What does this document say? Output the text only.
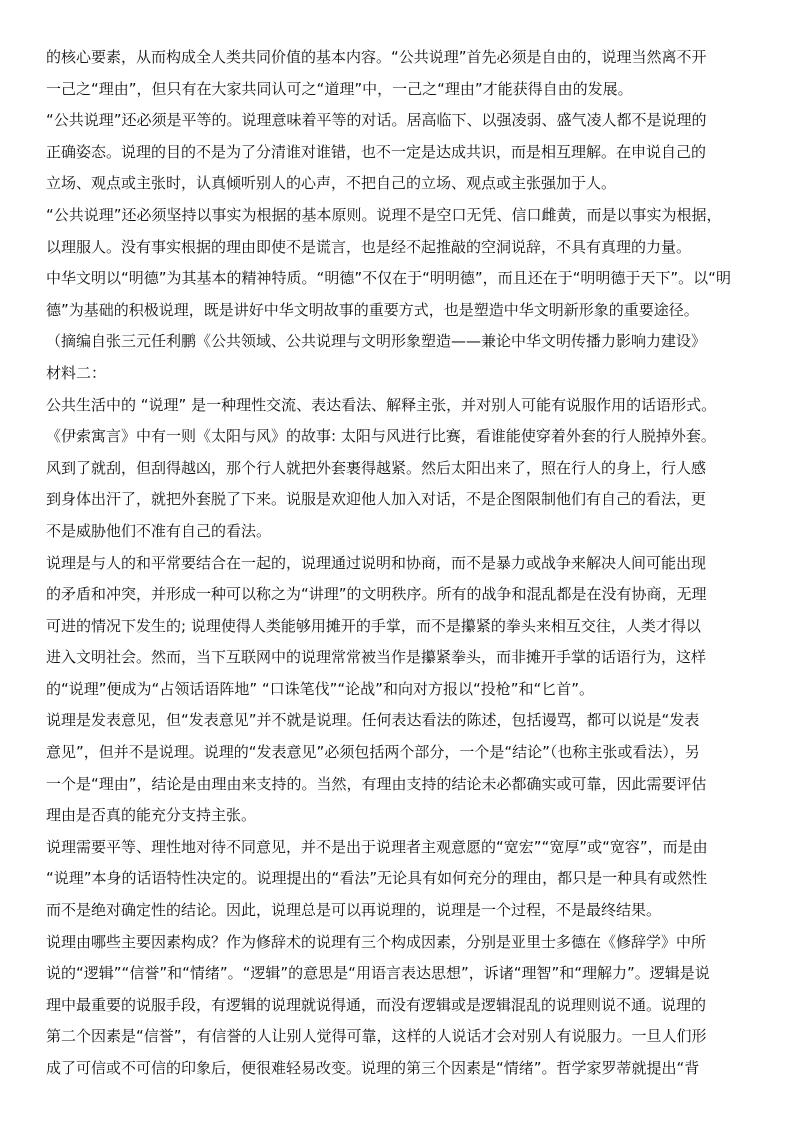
的核心要素，从而构成全人类共同价值的基本内容。“公共说理”首先必须是自由的，说理当然离不开
一己之“理由”，但只有在大家共同认可之“道理”中，一己之“理由”才能获得自由的发展。
“公共说理”还必须是平等的。说理意味着平等的对话。居高临下、以强凌弱、盛气凌人都不是说理的
正确姿态。说理的目的不是为了分清谁对谁错，也不一定是达成共识，而是相互理解。在申说自己的
立场、观点或主张时，认真倾听别人的心声，不把自己的立场、观点或主张强加于人。
“公共说理”还必须坚持以事实为根据的基本原则。说理不是空口无凭、信口雌黄，而是以事实为根据，
以理服人。没有事实根据的理由即使不是谎言，也是经不起推敲的空洞说辞，不具有真理的力量。
中华文明以“明德”为其基本的精神特质。“明德”不仅在于“明明德”，而且还在于“明明德于天下”。以“明
德”为基础的积极说理，既是讲好中华文明故事的重要方式，也是塑造中华文明新形象的重要途径。
（摘编自张三元任利鹏《公共领域、公共说理与文明形象塑造——兼论中华文明传播力影响力建设》
材料二：
公共生活中的 “说理” 是一种理性交流、表达看法、解释主张，并对别人可能有说服作用的话语形式。
《伊索寓言》中有一则《太阳与风》的故事: 太阳与风进行比赛，看谁能使穿着外套的行人脱掉外套。
风到了就刮，但刮得越凶，那个行人就把外套裹得越紧。然后太阳出来了，照在行人的身上，行人感
到身体出汗了，就把外套脱了下来。说服是欢迎他人加入对话，不是企图限制他们有自己的看法，更
不是威胁他们不准有自己的看法。
说理是与人的和平常要结合在一起的，说理通过说明和协商，而不是暴力或战争来解决人间可能出现
的矛盾和冲突，并形成一种可以称之为“讲理”的文明秩序。所有的战争和混乱都是在没有协商，无理
可进的情况下发生的; 说理使得人类能够用摊开的手掌，而不是攥紧的拳头来相互交往，人类才得以
进入文明社会。然而，当下互联网中的说理常常被当作是攥紧拳头，而非摊开手掌的话语行为，这样
的“说理”便成为“占领话语阵地” “口诛笔伐”“论战”和向对方报以“投枪”和“匕首”。
说理是发表意见，但“发表意见”并不就是说理。任何表达看法的陈述，包括谩骂，都可以说是“发表
意见”，但并不是说理。说理的“发表意见”必须包括两个部分，一个是“结论”（也称主张或看法），另
一个是“理由”，结论是由理由来支持的。当然，有理由支持的结论未必都确实或可靠，因此需要评估
理由是否真的能充分支持主张。
说理需要平等、理性地对待不同意见，并不是出于说理者主观意愿的“宽宏”“宽厚”或“宽容”，而是由
“说理”本身的话语特性决定的。说理提出的“看法”无论具有如何充分的理由，都只是一种具有或然性
而不是绝对确定性的结论。因此，说理总是可以再说理的，说理是一个过程，不是最终结果。
说理由哪些主要因素构成？作为修辞术的说理有三个构成因素，分别是亚里士多德在《修辞学》中所
说的“逻辑”“信誉”和“情绪”。“逻辑”的意思是“用语言表达思想”，诉诸“理智”和“理解力”。逻辑是说
理中最重要的说服手段，有逻辑的说理就说得通，而没有逻辑或是逻辑混乱的说理则说不通。说理的
第二个因素是“信誉”，有信誉的人让别人觉得可靠，这样的人说话才会对别人有说服力。一旦人们形
成了可信或不可信的印象后，便很难轻易改变。说理的第三个因素是“情绪”。哲学家罗蒂就提出“背
